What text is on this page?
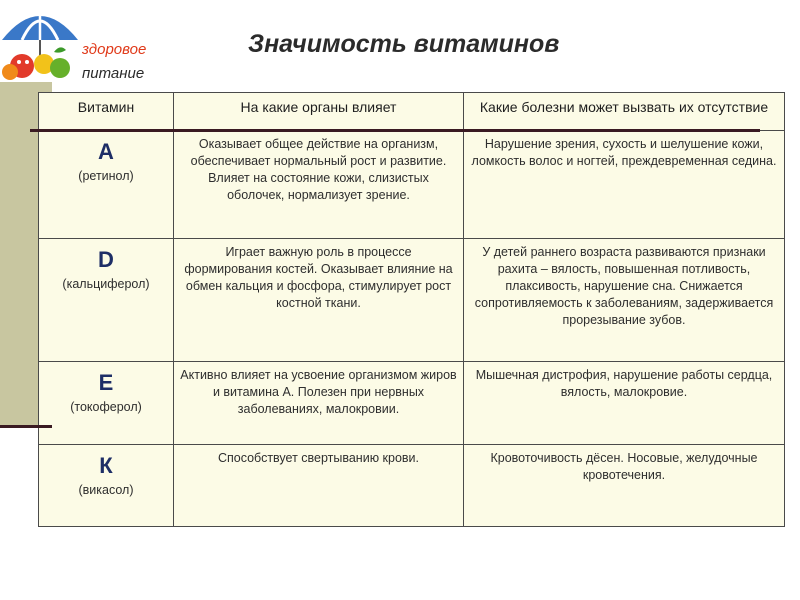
здоровое
питание
Значимость витаминов
Витамин	На какие органы влияет	Какие болезни может вызвать их отсутствие

A
(ретинол)	Оказывает общее действие на организм, обеспечивает нормальный рост и развитие. Влияет на состояние кожи, слизистых оболочек, нормализует зрение.	Нарушение зрения, сухость и шелушение кожи, ломкость волос и ногтей, преждевременная седина.

D
(кальциферол)	Играет важную роль в процессе формирования костей. Оказывает влияние на обмен кальция и фосфора, стимулирует рост костной ткани.	У детей раннего возраста развиваются признаки рахита – вялость, повышенная потливость, плаксивость, нарушение сна. Снижается сопротивляемость к заболеваниям, задерживается прорезывание зубов.

E
(токоферол)	Активно влияет на усвоение организмом жиров и витамина А. Полезен при нервных заболеваниях, малокровии.	Мышечная дистрофия, нарушение работы сердца, вялость, малокровие.

К
(викасол)	Способствует свертыванию крови.	Кровоточивость дёсен. Носовые, желудочные кровотечения.
